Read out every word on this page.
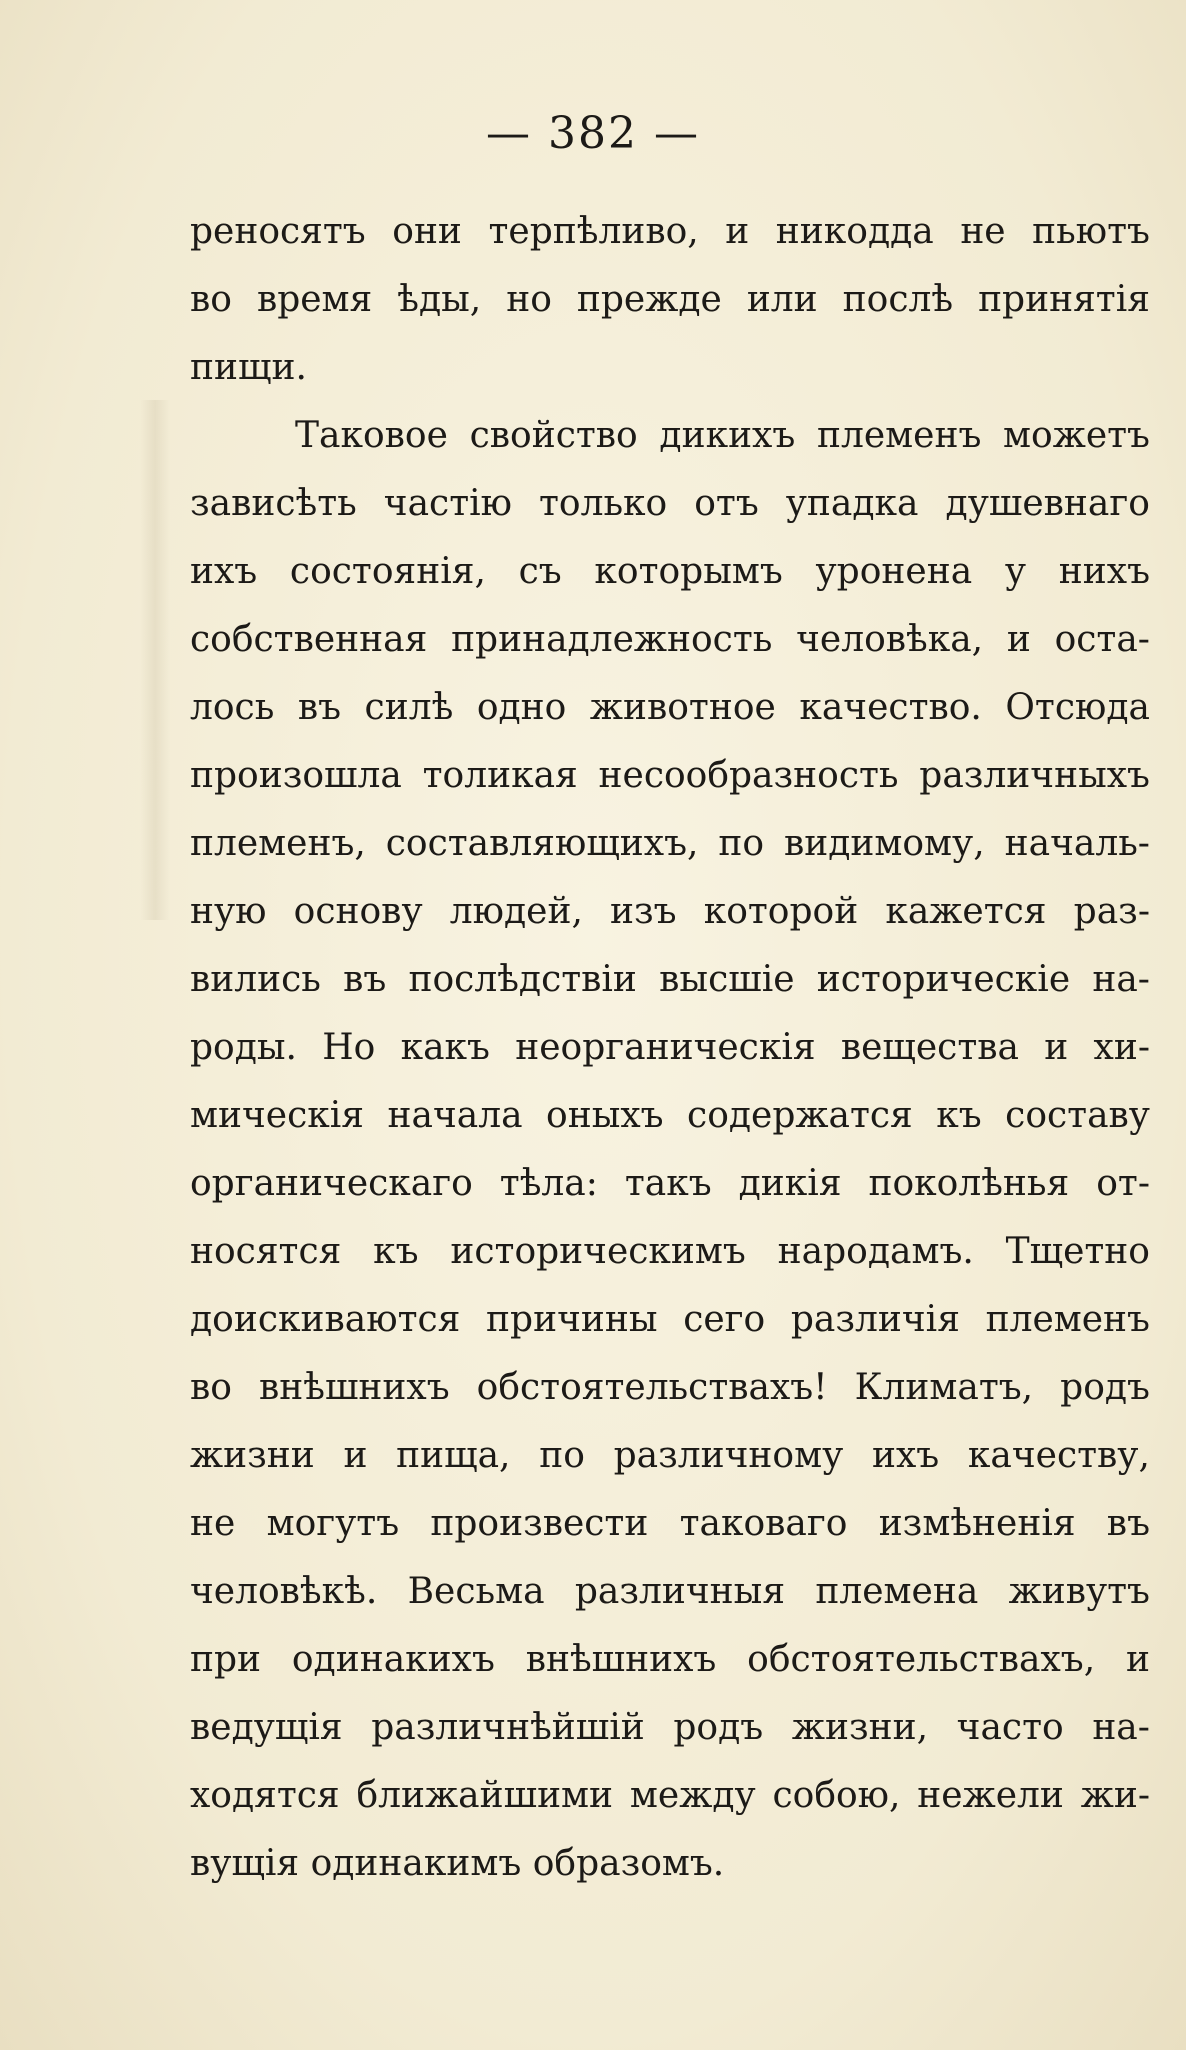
— 382 —
реносятъ они терпѣливо, и никодда не пьютъ
во время ѣды, но прежде или послѣ принятія
пищи.
Таковое свойство дикихъ племенъ можетъ
зависѣть частію только отъ упадка душевнаго
ихъ состоянія, съ которымъ уронена у нихъ
собственная принадлежность человѣка, и оста-
лось въ силѣ одно животное качество. Отсюда
произошла толикая несообразность различныхъ
племенъ, составляющихъ, по видимому, началь-
ную основу людей, изъ которой кажется раз-
вились въ послѣдствіи высшіе историческіе на-
роды. Но какъ неорганическія вещества и хи-
мическія начала оныхъ содержатся къ составу
органическаго тѣла: такъ дикія поколѣнья от-
носятся къ историческимъ народамъ. Тщетно
доискиваются причины сего различія племенъ
во внѣшнихъ обстоятельствахъ! Климатъ, родъ
жизни и пища, по различному ихъ качеству,
не могутъ произвести таковаго измѣненія въ
человѣкѣ. Весьма различныя племена живутъ
при одинакихъ внѣшнихъ обстоятельствахъ, и
ведущія различнѣйшій родъ жизни, часто на-
ходятся ближайшими между собою, нежели жи-
вущія одинакимъ образомъ.
